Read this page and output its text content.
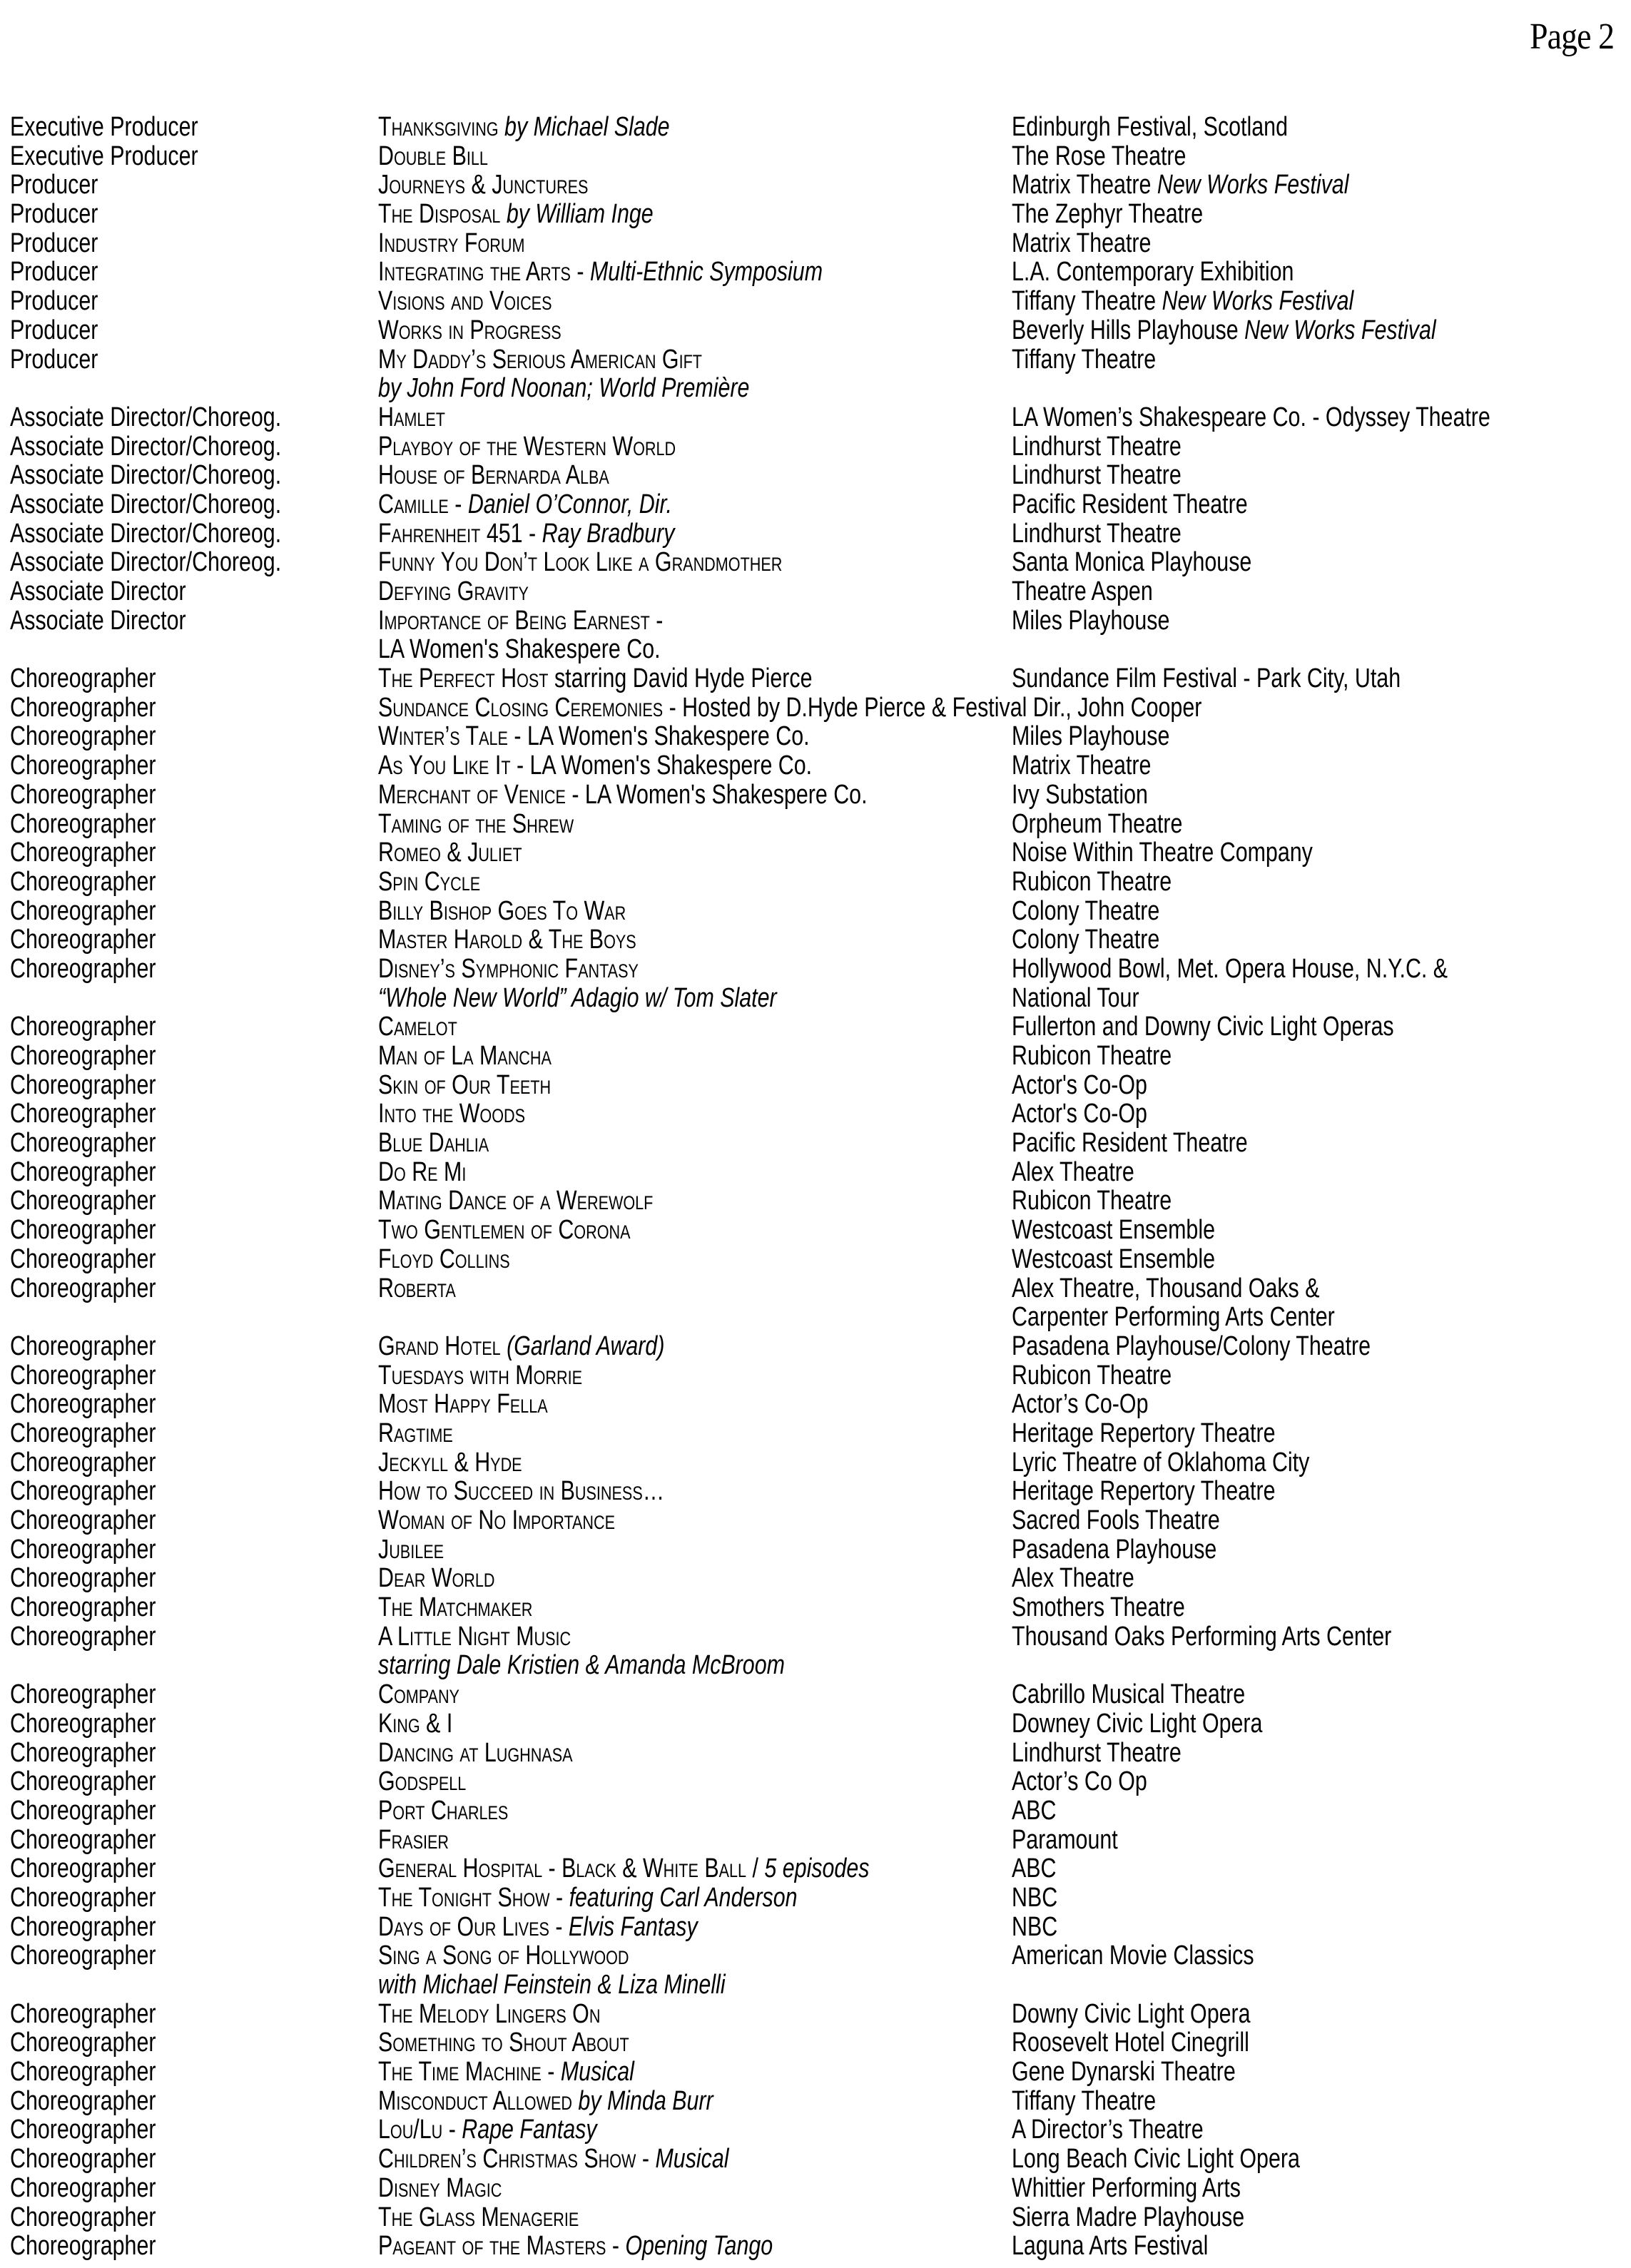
Page 2
Executive Producer	Thanksgiving by Michael Slade	Edinburgh Festival, Scotland
Executive Producer	Double Bill	The Rose Theatre
Producer	Journeys & Junctures	Matrix Theatre New Works Festival
Producer	The Disposal by William Inge	The Zephyr Theatre
Producer	Industry Forum	Matrix Theatre
Producer	Integrating the Arts - Multi-Ethnic Symposium	L.A. Contemporary Exhibition
Producer	Visions and Voices	Tiffany Theatre New Works Festival
Producer	Works in Progress	Beverly Hills Playhouse New Works Festival
Producer	My Daddy’s Serious American Gift	Tiffany Theatre
by John Ford Noonan; World Première
Associate Director/Choreog.	Hamlet	LA Women’s Shakespeare Co. - Odyssey Theatre
Associate Director/Choreog.	Playboy of the Western World	Lindhurst Theatre
Associate Director/Choreog.	House of Bernarda Alba	Lindhurst Theatre
Associate Director/Choreog.	Camille - Daniel O’Connor, Dir.	Pacific Resident Theatre
Associate Director/Choreog.	Fahrenheit 451 - Ray Bradbury	Lindhurst Theatre
Associate Director/Choreog.	Funny You Don’t Look Like a Grandmother	Santa Monica Playhouse
Associate Director	Defying Gravity	Theatre Aspen
Associate Director	Importance of Being Earnest -	Miles Playhouse
LA Women's Shakespere Co.
Choreographer	The Perfect Host starring David Hyde Pierce	Sundance Film Festival - Park City, Utah
Choreographer	Sundance Closing Ceremonies - Hosted by D.Hyde Pierce & Festival Dir., John Cooper
Choreographer	Winter’s Tale - LA Women's Shakespere Co.	Miles Playhouse
Choreographer	As You Like It - LA Women's Shakespere Co.	Matrix Theatre
Choreographer	Merchant of Venice - LA Women's Shakespere Co.	Ivy Substation
Choreographer	Taming of the Shrew	Orpheum Theatre
Choreographer	Romeo & Juliet	Noise Within Theatre Company
Choreographer	Spin Cycle	Rubicon Theatre
Choreographer	Billy Bishop Goes To War	Colony Theatre
Choreographer	Master Harold & The Boys	Colony Theatre
Choreographer	Disney’s Symphonic Fantasy	Hollywood Bowl, Met. Opera House, N.Y.C. &
“Whole New World” Adagio w/ Tom Slater	National Tour
Choreographer	Camelot	Fullerton and Downy Civic Light Operas
Choreographer	Man of La Mancha	Rubicon Theatre
Choreographer	Skin of Our Teeth	Actor's Co-Op
Choreographer	Into the Woods	Actor's Co-Op
Choreographer	Blue Dahlia	Pacific Resident Theatre
Choreographer	Do Re Mi	Alex Theatre
Choreographer	Mating Dance of a Werewolf	Rubicon Theatre
Choreographer	Two Gentlemen of Corona	Westcoast Ensemble
Choreographer	Floyd Collins	Westcoast Ensemble
Choreographer	Roberta	Alex Theatre, Thousand Oaks &
Carpenter Performing Arts Center
Choreographer	Grand Hotel (Garland Award)	Pasadena Playhouse/Colony Theatre
Choreographer	Tuesdays with Morrie	Rubicon Theatre
Choreographer	Most Happy Fella	Actor’s Co-Op
Choreographer	Ragtime	Heritage Repertory Theatre
Choreographer	Jeckyll & Hyde	Lyric Theatre of Oklahoma City
Choreographer	How to Succeed in Business…	Heritage Repertory Theatre
Choreographer	Woman of No Importance	Sacred Fools Theatre
Choreographer	Jubilee	Pasadena Playhouse
Choreographer	Dear World	Alex Theatre
Choreographer	The Matchmaker	Smothers Theatre
Choreographer	A Little Night Music	Thousand Oaks Performing Arts Center
starring Dale Kristien & Amanda McBroom
Choreographer	Company	Cabrillo Musical Theatre
Choreographer	King & I	Downey Civic Light Opera
Choreographer	Dancing at Lughnasa	Lindhurst Theatre
Choreographer	Godspell	Actor’s Co Op
Choreographer	Port Charles	ABC
Choreographer	Frasier	Paramount
Choreographer	General Hospital - Black & White Ball / 5 episodes	ABC
Choreographer	The Tonight Show - featuring Carl Anderson	NBC
Choreographer	Days of Our Lives - Elvis Fantasy	NBC
Choreographer	Sing a Song of Hollywood	American Movie Classics
with Michael Feinstein & Liza Minelli
Choreographer	The Melody Lingers On	Downy Civic Light Opera
Choreographer	Something to Shout About	Roosevelt Hotel Cinegrill
Choreographer	The Time Machine - Musical	Gene Dynarski Theatre
Choreographer	Misconduct Allowed by Minda Burr	Tiffany Theatre
Choreographer	Lou/Lu - Rape Fantasy	A Director’s Theatre
Choreographer	Children’s Christmas Show - Musical	Long Beach Civic Light Opera
Choreographer	Disney Magic	Whittier Performing Arts
Choreographer	The Glass Menagerie	Sierra Madre Playhouse
Choreographer	Pageant of the Masters - Opening Tango	Laguna Arts Festival
